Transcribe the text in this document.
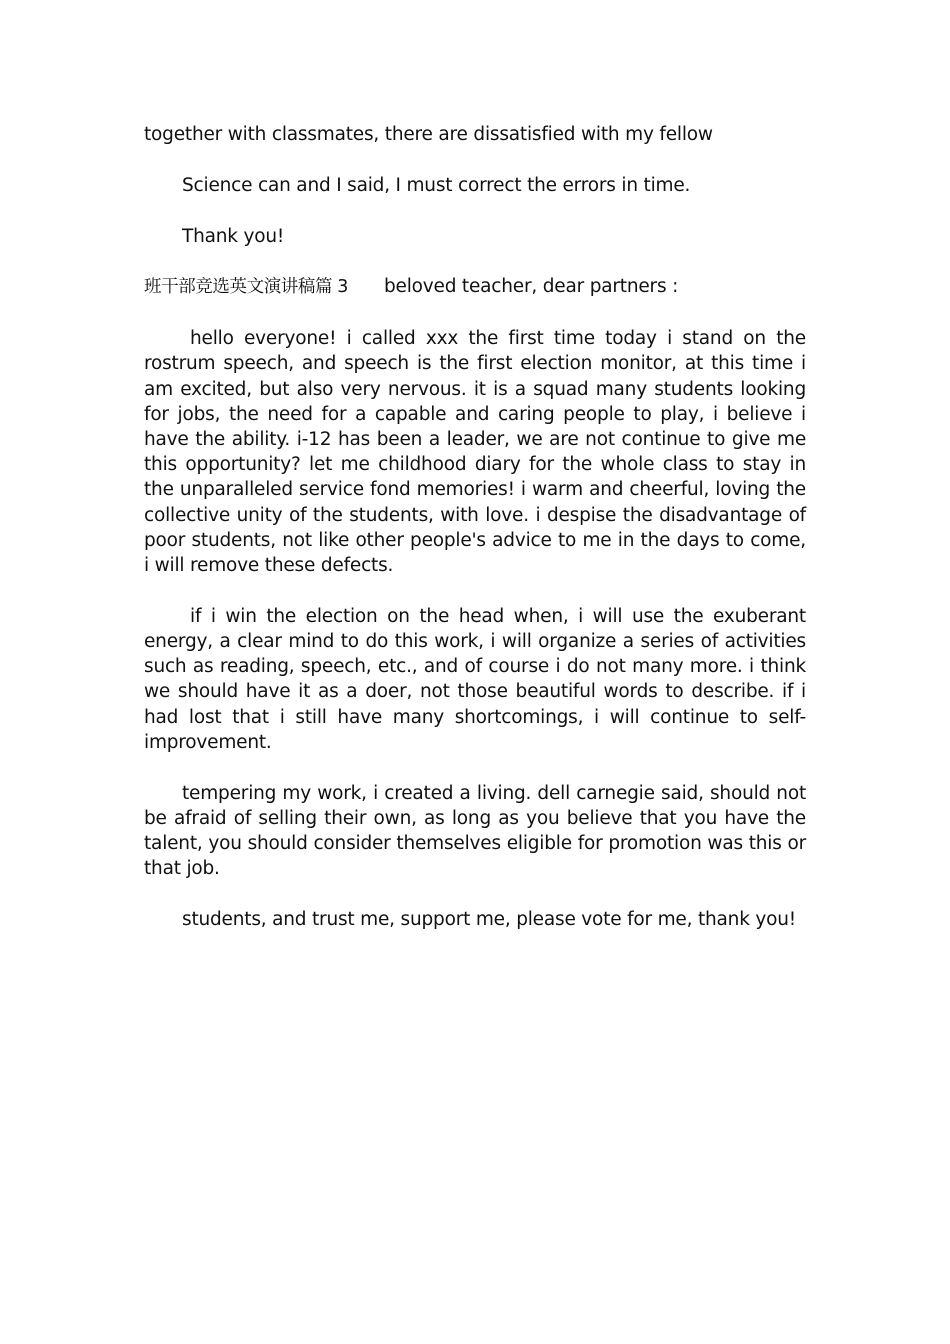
together with classmates, there are dissatisfied with my fellow

Science can and I said, I must correct the errors in time.

Thank you!

班干部竞选英文演讲稿篇 3 beloved teacher, dear partners :

hello everyone! i called xxx the first time today i stand on the rostrum speech, and speech is the first election monitor, at this time i am excited, but also very nervous. it is a squad many students looking for jobs, the need for a capable and caring people to play, i believe i have the ability. i-12 has been a leader, we are not continue to give me this opportunity? let me childhood diary for the whole class to stay in the unparalleled service fond memories! i warm and cheerful, loving the collective unity of the students, with love. i despise the disadvantage of poor students, not like other people's advice to me in the days to come, i will remove these defects.

if i win the election on the head when, i will use the exuberant energy, a clear mind to do this work, i will organize a series of activities such as reading, speech, etc., and of course i do not many more. i think we should have it as a doer, not those beautiful words to describe. if i had lost that i still have many shortcomings, i will continue to self-improvement.

tempering my work, i created a living. dell carnegie said, should not be afraid of selling their own, as long as you believe that you have the talent, you should consider themselves eligible for promotion was this or that job.

students, and trust me, support me, please vote for me, thank you!
